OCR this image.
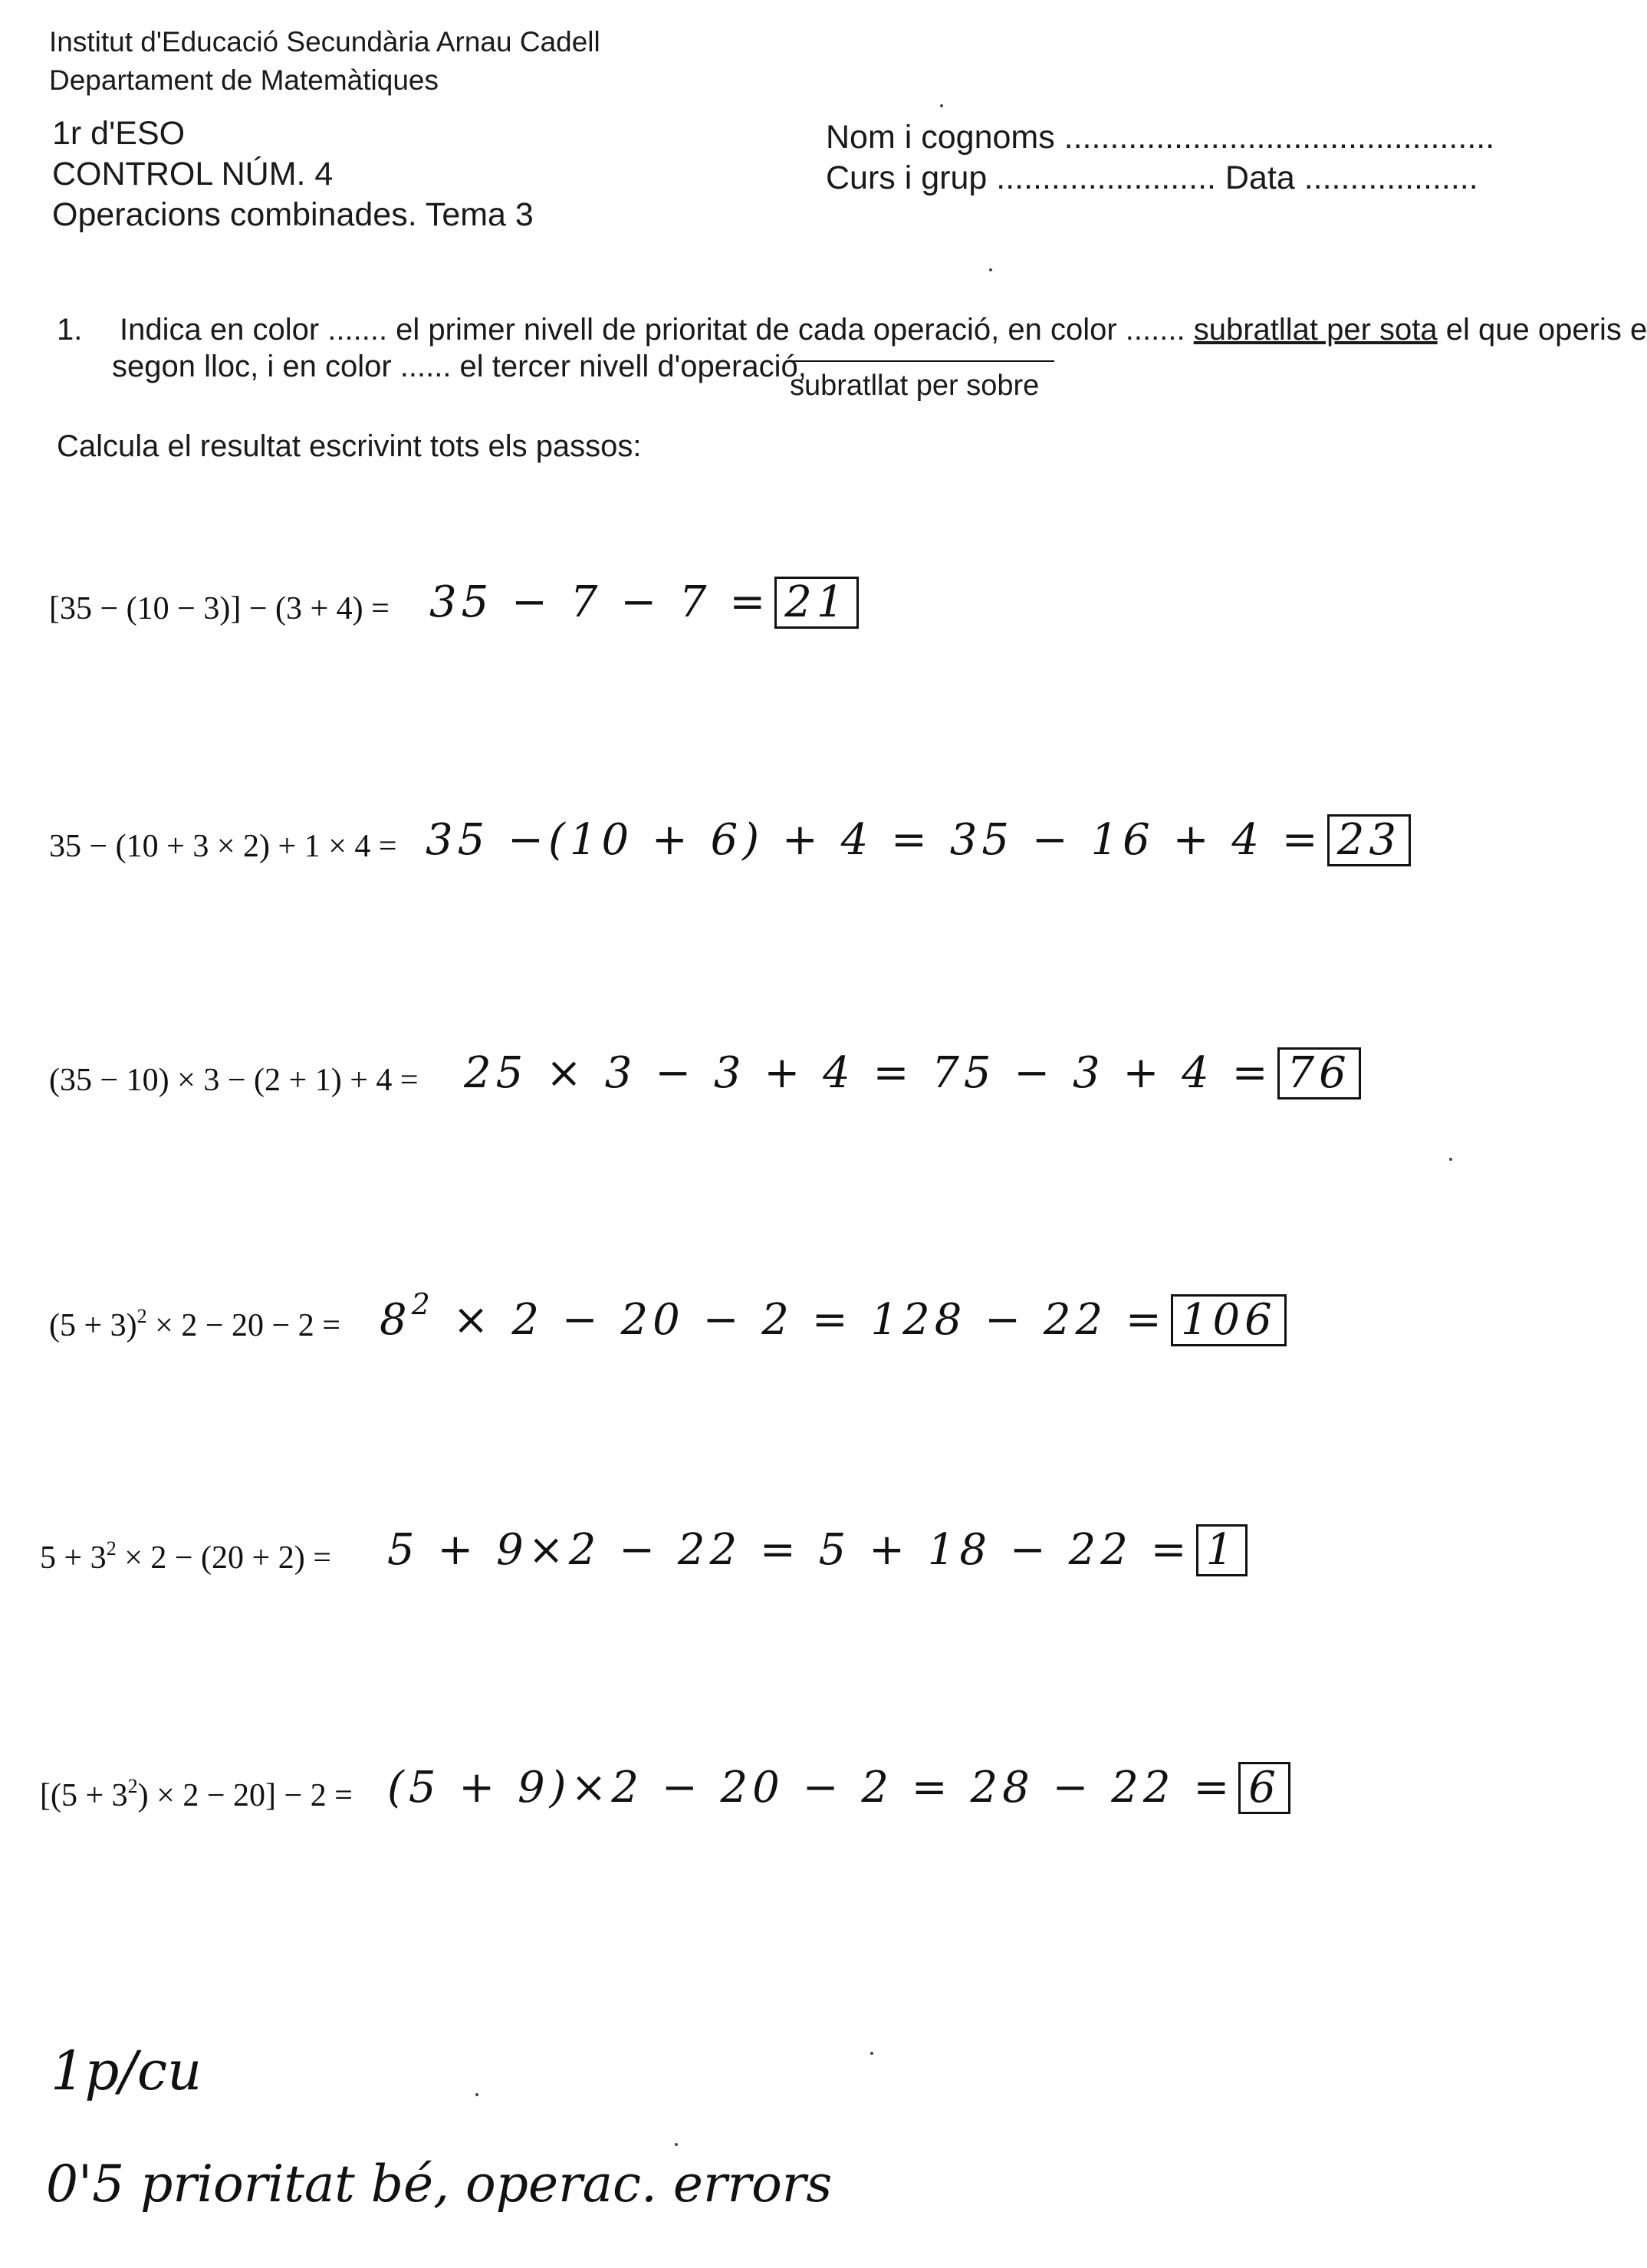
Institut d'Educació Secundària Arnau Cadell
Departament de Matemàtiques
1r d'ESO
CONTROL NÚM. 4
Operacions combinades. Tema 3
Nom i cognoms ...............................................
Curs i grup ........................ Data ...................
1. Indica en color ....... el primer nivell de prioritat de cada operació, en color ....... subratllat per sota el que operis e
segon lloc, i en color ...... el tercer nivell d'operació,
subratllat per sobre
Calcula el resultat escrivint tots els passos:
[35 − (10 − 3)] − (3 + 4) = 35 − 7 − 7 = 21
35 − (10 + 3 × 2) + 1 × 4 = 35 −(10 + 6) + 4 = 35 − 16 + 4 = 23
(35 − 10) × 3 − (2 + 1) + 4 = 25 × 3 − 3 + 4 = 75 − 3 + 4 = 76
$(5 + 3)^2 \times 2 - 20 - 2 = 8^2 \times 2 - 20 - 2 = 128 - 22 = 106$
$5 + 3^2 \times 2 - (20 + 2) = 5 + 9\times 2 - 22 = 5 + 18 - 22 = 1$
$[(5 + 3^2) \times 2 - 20] - 2 = (5 + 9)\times 2 - 20 - 2 = 28 - 22 = 6$
1p/cu
0'5 prioritat bé, operac. errors
